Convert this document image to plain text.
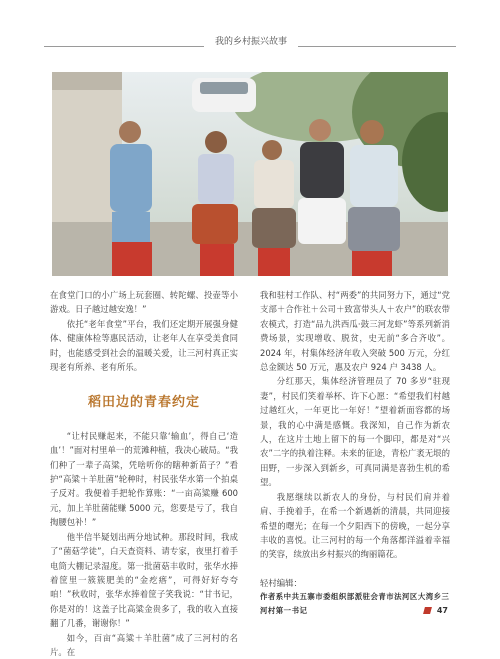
我的乡村振兴故事

在食堂门口的小广场上玩套圈、转陀螺、投壶等小游戏。日子越过越安逸！”

依托“老年食堂”平台，我们还定期开展强身健体、健康体检等惠民活动，让老年人在享受美食同时，也能感受到社会的温暖关爱，让三河村真正实现老有所养、老有所乐。

稻田边的青春约定

“让村民赚起来，不能只靠‘输血’，得自己‘造血’！”面对村里单一的荒滩种植，我决心破局。“我们种了一辈子高粱，凭啥听你的瞎种新苗子？”看护“高粱＋羊肚菌”轮种时，村民张华水第一个拍桌子反对。我便着手把轮作算账：“一亩高粱赚 600 元，加上羊肚菌能赚 5000 元，您要是亏了，我自掏腰包补！”

他半信半疑划出两分地试种。那段时间，我成了“菌菇学徒”，白天查资料、请专家，夜里打着手电筒大棚记录湿度。第一批菌菇丰收时，张华水捧着筐里一簇簇肥美的“金疙瘩”，可得好好夸夸咱！”秋收时，张华水捧着筐子笑我说：“甘书记，你是对的！这盖子比高粱金贵多了，我的收入直接翻了几番，谢谢你！”

如今，百亩“高粱＋羊肚菌”成了三河村的名片。在

我和驻村工作队、村“两委”的共同努力下，通过“党支部＋合作社＋公司＋致富带头人＋农户”的联农带农模式，打造“品九洪西瓜·鼓三河龙虾”等系列新消费场景，实现增收、脱贫，史无前“多合齐收”。2024 年，村集体经济年收入突破 500 万元，分红总金额达 50 万元，惠及农户 924 户 3438 人。

分红那天，集体经济管理员了 70 多岁“驻现妻”，村民们笑着举杯、许下心愿：“希望我们村越过越红火，一年更比一年好！”望着新面容都的场景，我的心中满是感慨。我深知，自己作为新农人，在这片土地上留下的每一个脚印，都是对“兴农”二字的执着注释。未来的征途，青松广袤无垠的田野，一步深入到新乡，可真同满是喜勃生机的希望。

我愿继续以新农人的身份，与村民们肩并着肩、手挽着手，在希一个新遇新的清晨，共同迎接希望的曙光；在每一个夕阳西下的傍晚，一起分享丰收的喜悦。让三河村的每一个角落都洋溢着幸福的笑容，续放出乡村振兴的绚丽篇花。

轻村编辑：
作者系中共五寨市委组织部派驻会青市法河区大湾乡三河村第一书记	47
